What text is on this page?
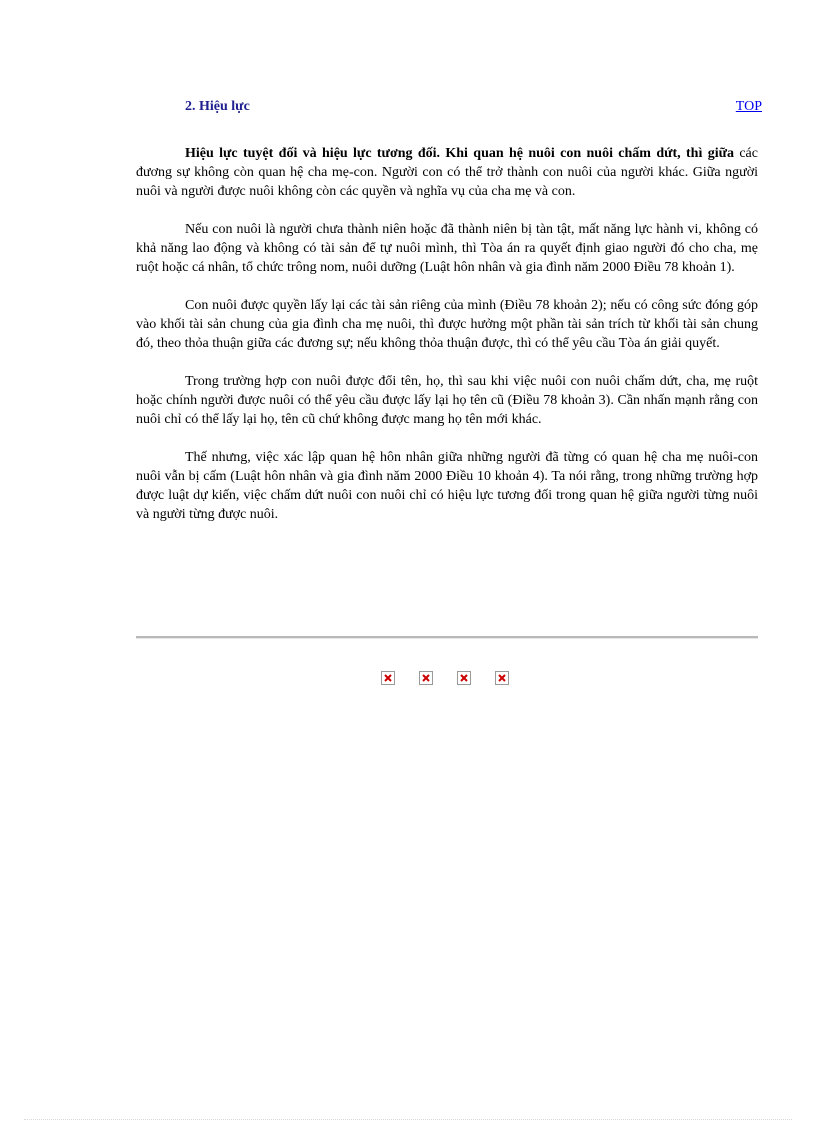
2. Hiệu lực	TOP

Hiệu lực tuyệt đối và hiệu lực tương đối. Khi quan hệ nuôi con nuôi chấm dứt, thì giữa các đương sự không còn quan hệ cha mẹ-con. Người con có thể trở thành con nuôi của người khác. Giữa người nuôi và người được nuôi không còn các quyền và nghĩa vụ của cha mẹ và con.

Nếu con nuôi là người chưa thành niên hoặc đã thành niên bị tàn tật, mất năng lực hành vi, không có khả năng lao động và không có tài sản để tự nuôi mình, thì Tòa án ra quyết định giao người đó cho cha, mẹ ruột hoặc cá nhân, tổ chức trông nom, nuôi dưỡng (Luật hôn nhân và gia đình năm 2000 Điều 78 khoản 1).

Con nuôi được quyền lấy lại các tài sản riêng của mình (Điều 78 khoản 2); nếu có công sức đóng góp vào khối tài sản chung của gia đình cha mẹ nuôi, thì được hưởng một phần tài sản trích từ khối tài sản chung đó, theo thỏa thuận giữa các đương sự; nếu không thỏa thuận được, thì có thể yêu cầu Tòa án giải quyết.

Trong trường hợp con nuôi được đổi tên, họ, thì sau khi việc nuôi con nuôi chấm dứt, cha, mẹ ruột hoặc chính người được nuôi có thể yêu cầu được lấy lại họ tên cũ (Điều 78 khoản 3). Cần nhấn mạnh rằng con nuôi chỉ có thể lấy lại họ, tên cũ chứ không được mang họ tên mới khác.

Thế nhưng, việc xác lập quan hệ hôn nhân giữa những người đã từng có quan hệ cha mẹ nuôi-con nuôi vẫn bị cấm (Luật hôn nhân và gia đình năm 2000 Điều 10 khoản 4). Ta nói rằng, trong những trường hợp được luật dự kiến, việc chấm dứt nuôi con nuôi chỉ có hiệu lực tương đối trong quan hệ giữa người từng nuôi và người từng được nuôi.
